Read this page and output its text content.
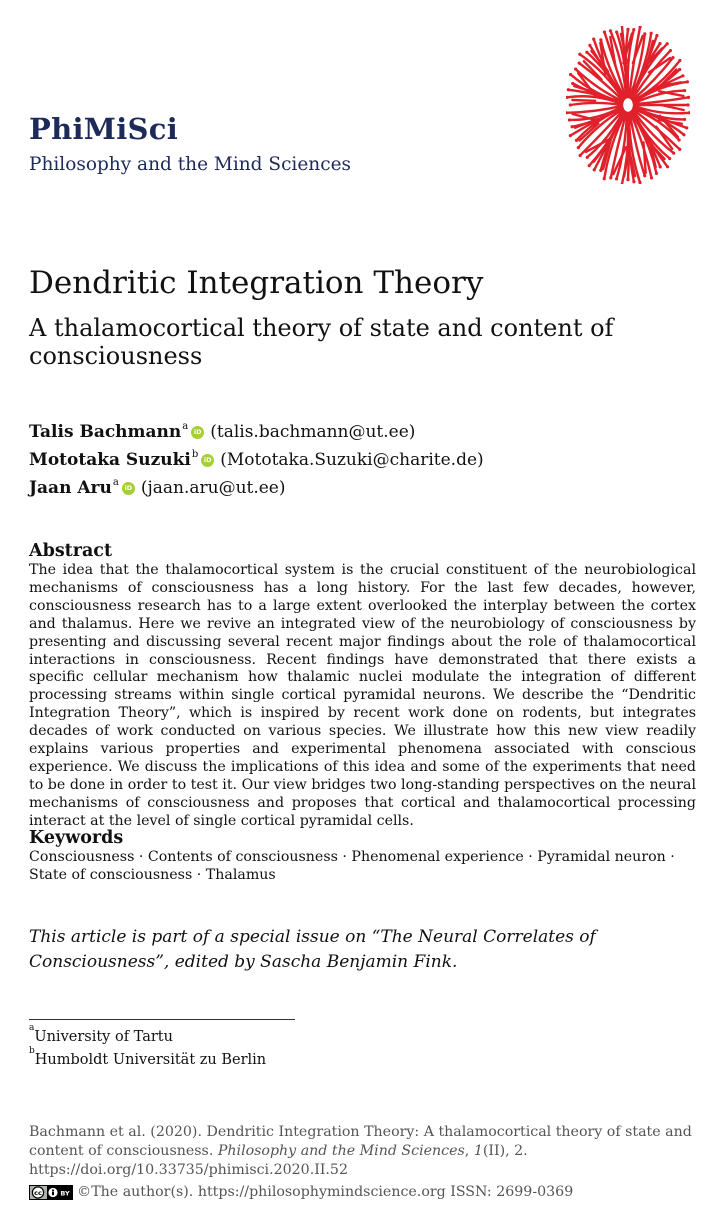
PhiMiSci
Philosophy and the Mind Sciences
Dendritic Integration Theory
A thalamocortical theory of state and content of consciousness
Talis Bachmann$^a$
iD (talis.bachmann@ut.ee)
Mototaka Suzuki$^b$
iD (Mototaka.Suzuki@charite.de)
Jaan Aru$^a$
iD (jaan.aru@ut.ee)
Abstract
The idea that the thalamocortical system is the crucial constituent of the neurobiological mechanisms of consciousness has a long history. For the last few decades, however, consciousness research has to a large extent overlooked the interplay between the cortex and thalamus. Here we revive an integrated view of the neurobiology of consciousness by presenting and discussing several recent major findings about the role of thalamocortical interactions in consciousness. Recent findings have demonstrated that there exists a specific cellular mechanism how thalamic nuclei modulate the integration of different processing streams within single cortical pyramidal neurons. We describe the “Dendritic Integration Theory”, which is inspired by recent work done on rodents, but integrates decades of work conducted on various species. We illustrate how this new view readily explains various properties and experimental phenomena associated with conscious experience. We discuss the implications of this idea and some of the experiments that need to be done in order to test it. Our view bridges two long-standing perspectives on the neural mechanisms of consciousness and proposes that cortical and thalamocortical processing interact at the level of single cortical pyramidal cells.
Keywords
Consciousness · Contents of consciousness · Phenomenal experience · Pyramidal neuron · State of consciousness · Thalamus
This article is part of a special issue on “The Neural Correlates of Consciousness”, edited by Sascha Benjamin Fink.
$^a$University of Tartu
$^b$Humboldt Universität zu Berlin
Bachmann et al. (2020). Dendritic Integration Theory: A thalamocortical theory of state and content of consciousness. Philosophy and the Mind Sciences, 1(II), 2.
https://doi.org/10.33735/phimisci.2020.II.52
cc	BY ©The author(s). https://philosophymindscience.org ISSN: 2699-0369
